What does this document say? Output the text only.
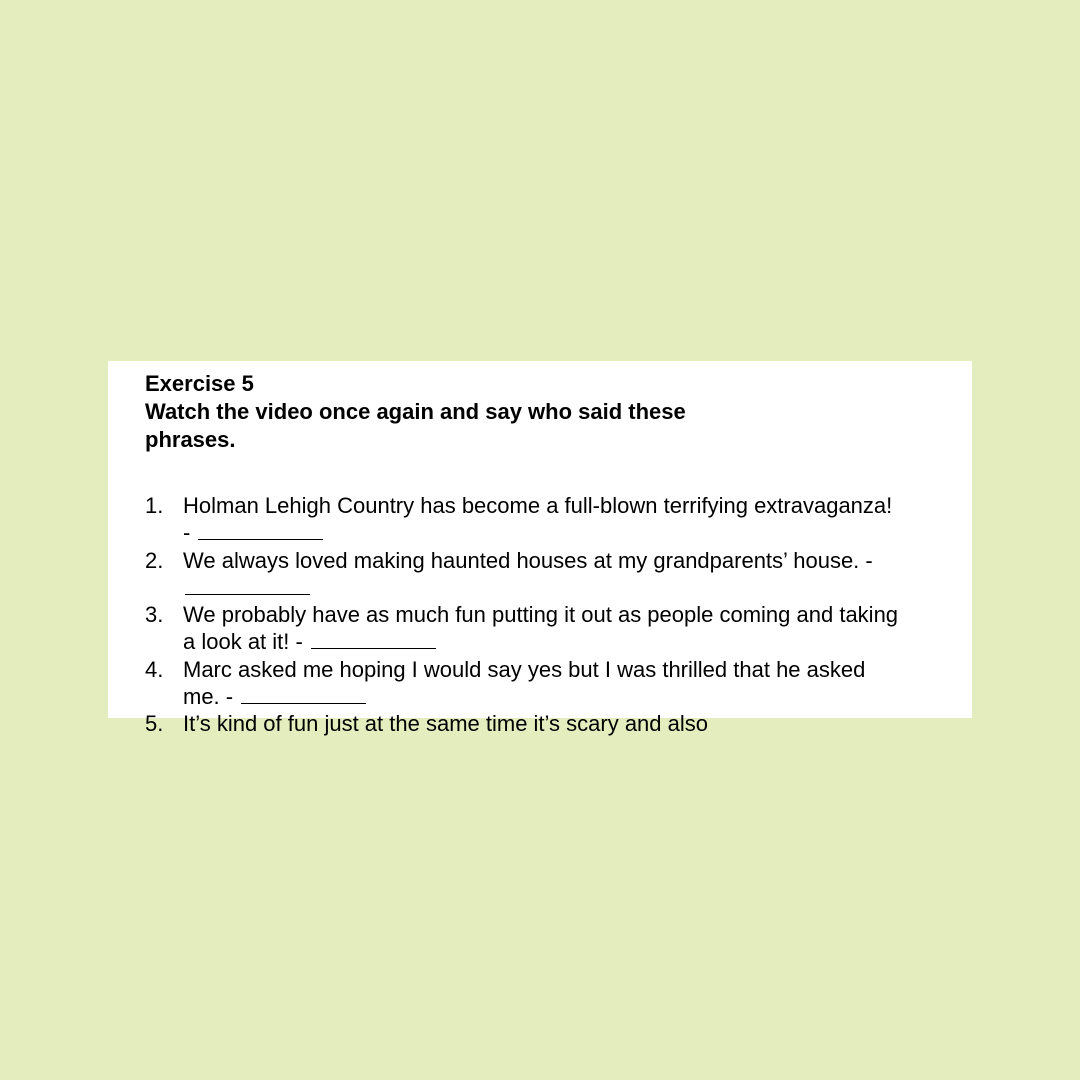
Exercise 5

Watch the video once again and say who said these phrases.

1. Holman Lehigh Country has become a full-blown terrifying extravaganza! -
2. We always loved making haunted houses at my grandparents’ house. -
3. We probably have as much fun putting it out as people coming and taking a look at it! -
4. Marc asked me hoping I would say yes but I was thrilled that he asked me. -
5. It’s kind of fun just at the same time it’s scary and also
